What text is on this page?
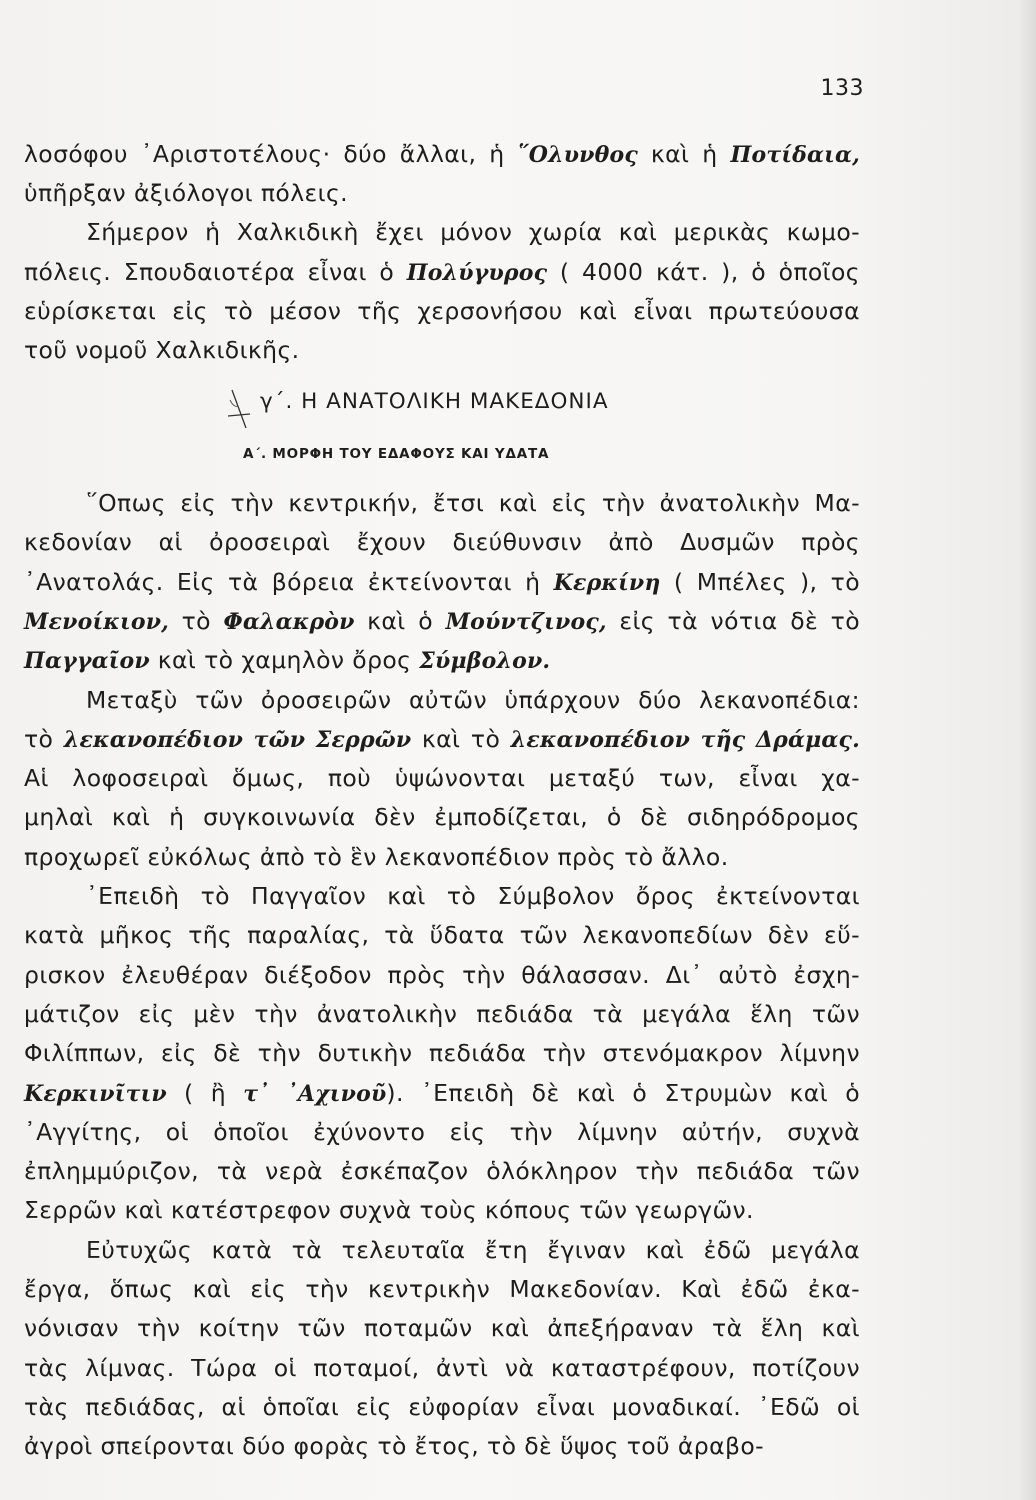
133
λοσόφου ᾽Αριστοτέλους· δύο ἄλλαι, ἡ ῞Ολυνθος καὶ ἡ Ποτίδαια,
ὑπῆρξαν ἀξιόλογοι πόλεις.
Σήμερον ἡ Χαλκιδικὴ ἔχει μόνον χωρία καὶ μερικὰς κωμο-
πόλεις. Σπουδαιοτέρα εἶναι ὁ Πολύγυρος ( 4000 κάτ. ), ὁ ὁποῖος
εὑρίσκεται εἰς τὸ μέσον τῆς χερσονήσου καὶ εἶναι πρωτεύουσα
τοῦ νομοῦ Χαλκιδικῆς.
γ΄. Η ΑΝΑΤΟΛΙΚΗ ΜΑΚΕΔΟΝΙΑ
Α΄. ΜΟΡΦΗ ΤΟΥ ΕΔΑΦΟΥΣ ΚΑΙ ΥΔΑΤΑ
῞Οπως εἰς τὴν κεντρικήν, ἔτσι καὶ εἰς τὴν ἀνατολικὴν Μα-
κεδονίαν αἱ ὀροσειραὶ ἔχουν διεύθυνσιν ἀπὸ Δυσμῶν πρὸς
᾽Ανατολάς. Εἰς τὰ βόρεια ἐκτείνονται ἡ Κερκίνη ( Μπέλες ), τὸ
Μενοίκιον, τὸ Φαλακρὸν καὶ ὁ Μούντζινος, εἰς τὰ νότια δὲ τὸ
Παγγαῖον καὶ τὸ χαμηλὸν ὄρος Σύμβολον.
Μεταξὺ τῶν ὀροσειρῶν αὐτῶν ὑπάρχουν δύο λεκανοπέδια:
τὸ λεκανοπέδιον τῶν Σερρῶν καὶ τὸ λεκανοπέδιον τῆς Δράμας.
Αἱ λοφοσειραὶ ὅμως, ποὺ ὑψώνονται μεταξύ των, εἶναι χα-
μηλαὶ καὶ ἡ συγκοινωνία δὲν ἐμποδίζεται, ὁ δὲ σιδηρόδρομος
προχωρεῖ εὐκόλως ἀπὸ τὸ ἓν λεκανοπέδιον πρὸς τὸ ἄλλο.
᾽Επειδὴ τὸ Παγγαῖον καὶ τὸ Σύμβολον ὄρος ἐκτείνονται
κατὰ μῆκος τῆς παραλίας, τὰ ὕδατα τῶν λεκανοπεδίων δὲν εὕ-
ρισκον ἐλευθέραν διέξοδον πρὸς τὴν θάλασσαν. Δι᾽ αὐτὸ ἐσχη-
μάτιζον εἰς μὲν τὴν ἀνατολικὴν πεδιάδα τὰ μεγάλα ἕλη τῶν
Φιλίππων, εἰς δὲ τὴν δυτικὴν πεδιάδα τὴν στενόμακρον λίμνην
Κερκινῖτιν ( ἢ τ᾽ ᾽Αχινοῦ). ᾽Επειδὴ δὲ καὶ ὁ Στρυμὼν καὶ ὁ
᾽Αγγίτης, οἱ ὁποῖοι ἐχύνοντο εἰς τὴν λίμνην αὐτήν, συχνὰ
ἐπλημμύριζον, τὰ νερὰ ἐσκέπαζον ὁλόκληρον τὴν πεδιάδα τῶν
Σερρῶν καὶ κατέστρεφον συχνὰ τοὺς κόπους τῶν γεωργῶν.
Εὐτυχῶς κατὰ τὰ τελευταῖα ἔτη ἔγιναν καὶ ἐδῶ μεγάλα
ἔργα, ὅπως καὶ εἰς τὴν κεντρικὴν Μακεδονίαν. Καὶ ἐδῶ ἐκα-
νόνισαν τὴν κοίτην τῶν ποταμῶν καὶ ἀπεξήραναν τὰ ἕλη καὶ
τὰς λίμνας. Τώρα οἱ ποταμοί, ἀντὶ νὰ καταστρέφουν, ποτίζουν
τὰς πεδιάδας, αἱ ὁποῖαι εἰς εὐφορίαν εἶναι μοναδικαί. ᾽Εδῶ οἱ
ἀγροὶ σπείρονται δύο φορὰς τὸ ἔτος, τὸ δὲ ὕψος τοῦ ἀραβο-
